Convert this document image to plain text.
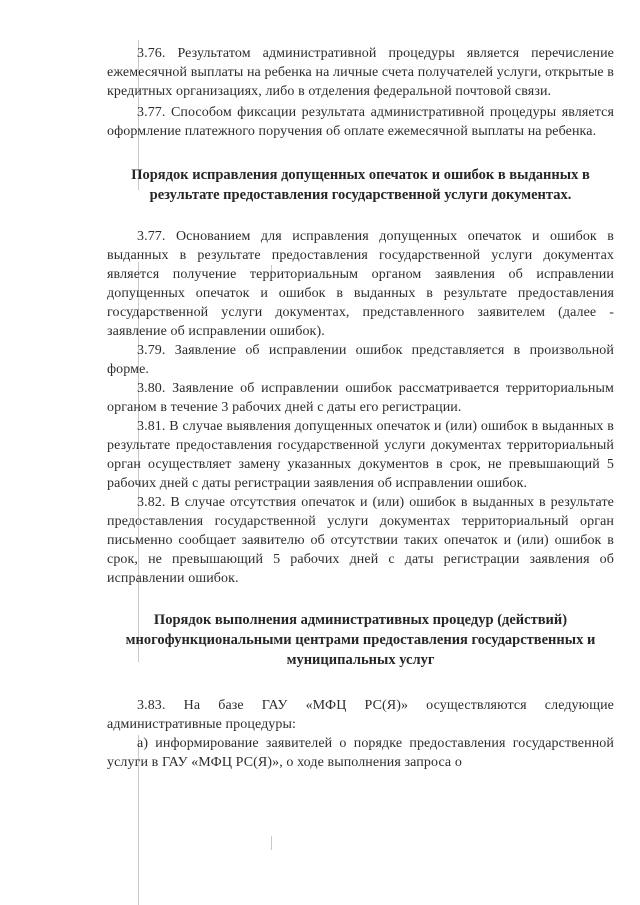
3.76. Результатом административной процедуры является перечисление ежемесячной выплаты на ребенка на личные счета получателей услуги, открытые в кредитных организациях, либо в отделения федеральной почтовой связи.

3.77. Способом фиксации результата административной процедуры является оформление платежного поручения об оплате ежемесячной выплаты на ребенка.

Порядок исправления допущенных опечаток и ошибок в выданных в результате предоставления государственной услуги документах.

3.77. Основанием для исправления допущенных опечаток и ошибок в выданных в результате предоставления государственной услуги документах является получение территориальным органом заявления об исправлении допущенных опечаток и ошибок в выданных в результате предоставления государственной услуги документах, представленного заявителем (далее - заявление об исправлении ошибок).

3.79. Заявление об исправлении ошибок представляется в произвольной форме.

3.80. Заявление об исправлении ошибок рассматривается территориальным органом в течение 3 рабочих дней с даты его регистрации.

3.81. В случае выявления допущенных опечаток и (или) ошибок в выданных в результате предоставления государственной услуги документах территориальный орган осуществляет замену указанных документов в срок, не превышающий 5 рабочих дней с даты регистрации заявления об исправлении ошибок.

3.82. В случае отсутствия опечаток и (или) ошибок в выданных в результате предоставления государственной услуги документах территориальный орган письменно сообщает заявителю об отсутствии таких опечаток и (или) ошибок в срок, не превышающий 5 рабочих дней с даты регистрации заявления об исправлении ошибок.

Порядок выполнения административных процедур (действий) многофункциональными центрами предоставления государственных и муниципальных услуг

3.83. На базе ГАУ «МФЦ РС(Я)» осуществляются следующие административные процедуры:

а) информирование заявителей о порядке предоставления государственной услуги в ГАУ «МФЦ РС(Я)», о ходе выполнения запроса о
